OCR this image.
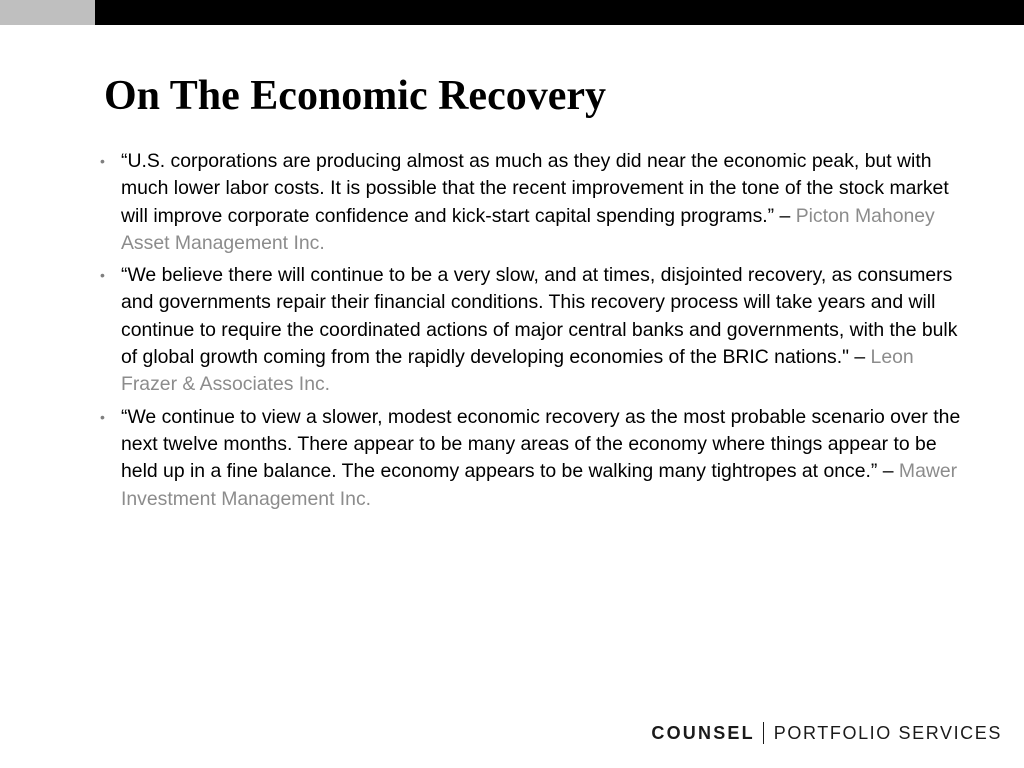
On The Economic Recovery
• “U.S. corporations are producing almost as much as they did near the economic peak, but with much lower labor costs. It is possible that the recent improvement in the tone of the stock market will improve corporate confidence and kick-start capital spending programs.” – Picton Mahoney Asset Management Inc.
• “We believe there will continue to be a very slow, and at times, disjointed recovery, as consumers and governments repair their financial conditions. This recovery process will take years and will continue to require the coordinated actions of major central banks and governments, with the bulk of global growth coming from the rapidly developing economies of the BRIC nations." – Leon Frazer & Associates Inc.
• “We continue to view a slower, modest economic recovery as the most probable scenario over the next twelve months. There appear to be many areas of the economy where things appear to be held up in a fine balance. The economy appears to be walking many tightropes at once.” – Mawer Investment Management Inc.
COUNSEL PORTFOLIO SERVICES
